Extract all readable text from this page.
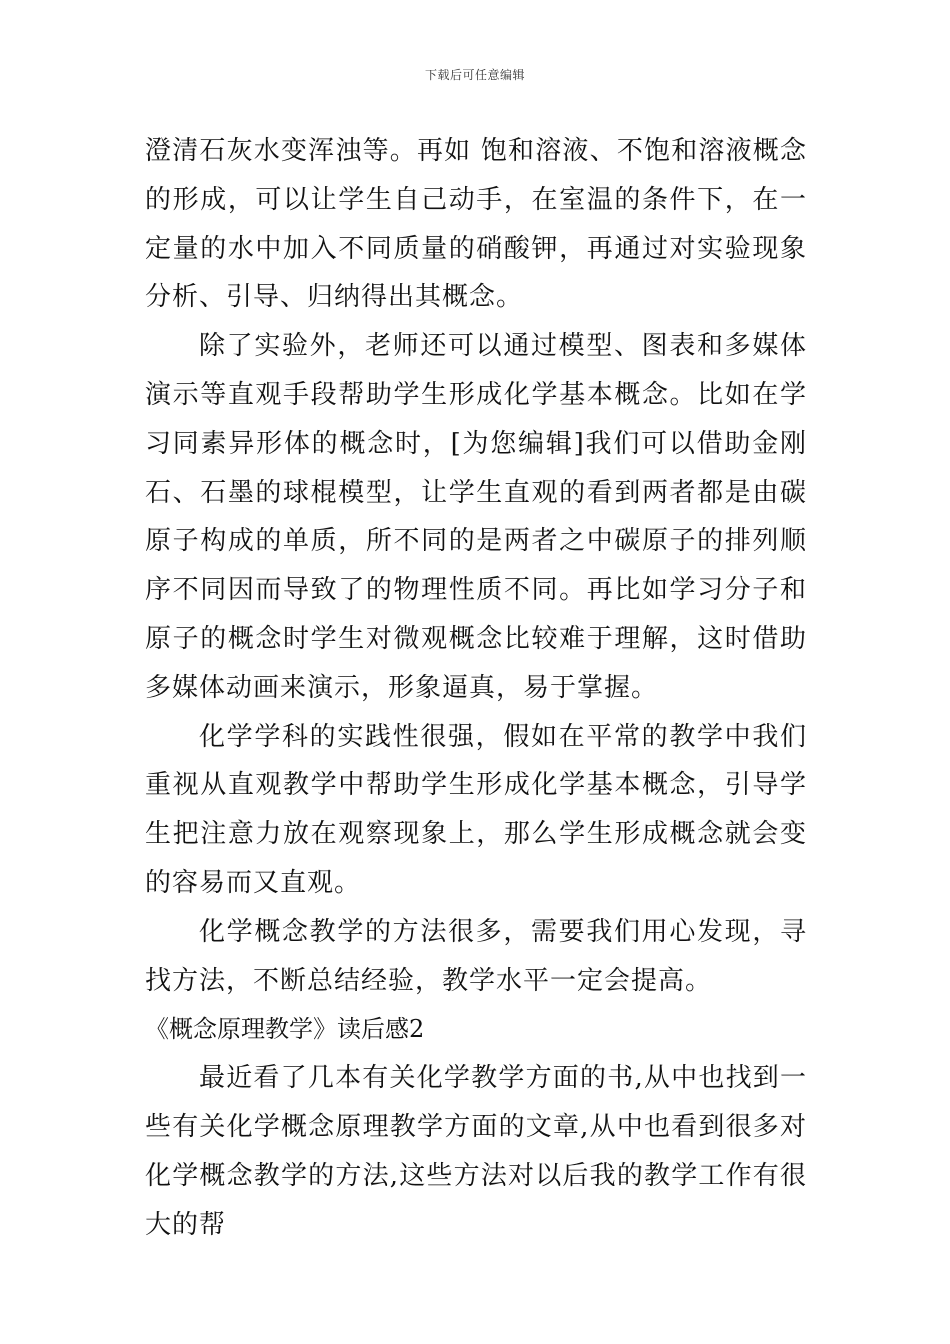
下载后可任意编辑

澄清石灰水变浑浊等。再如 饱和溶液、不饱和溶液概念的形成，可以让学生自己动手，在室温的条件下，在一定量的水中加入不同质量的硝酸钾，再通过对实验现象分析、引导、归纳得出其概念。

除了实验外，老师还可以通过模型、图表和多媒体演示等直观手段帮助学生形成化学基本概念。比如在学习同素异形体的概念时，[为您编辑]我们可以借助金刚石、石墨的球棍模型，让学生直观的看到两者都是由碳原子构成的单质，所不同的是两者之中碳原子的排列顺序不同因而导致了的物理性质不同。再比如学习分子和原子的概念时学生对微观概念比较难于理解，这时借助多媒体动画来演示，形象逼真，易于掌握。

化学学科的实践性很强，假如在平常的教学中我们重视从直观教学中帮助学生形成化学基本概念，引导学生把注意力放在观察现象上，那么学生形成概念就会变的容易而又直观。

化学概念教学的方法很多，需要我们用心发现，寻找方法，不断总结经验，教学水平一定会提高。

《概念原理教学》读后感2

最近看了几本有关化学教学方面的书,从中也找到一些有关化学概念原理教学方面的文章,从中也看到很多对化学概念教学的方法,这些方法对以后我的教学工作有很大的帮
